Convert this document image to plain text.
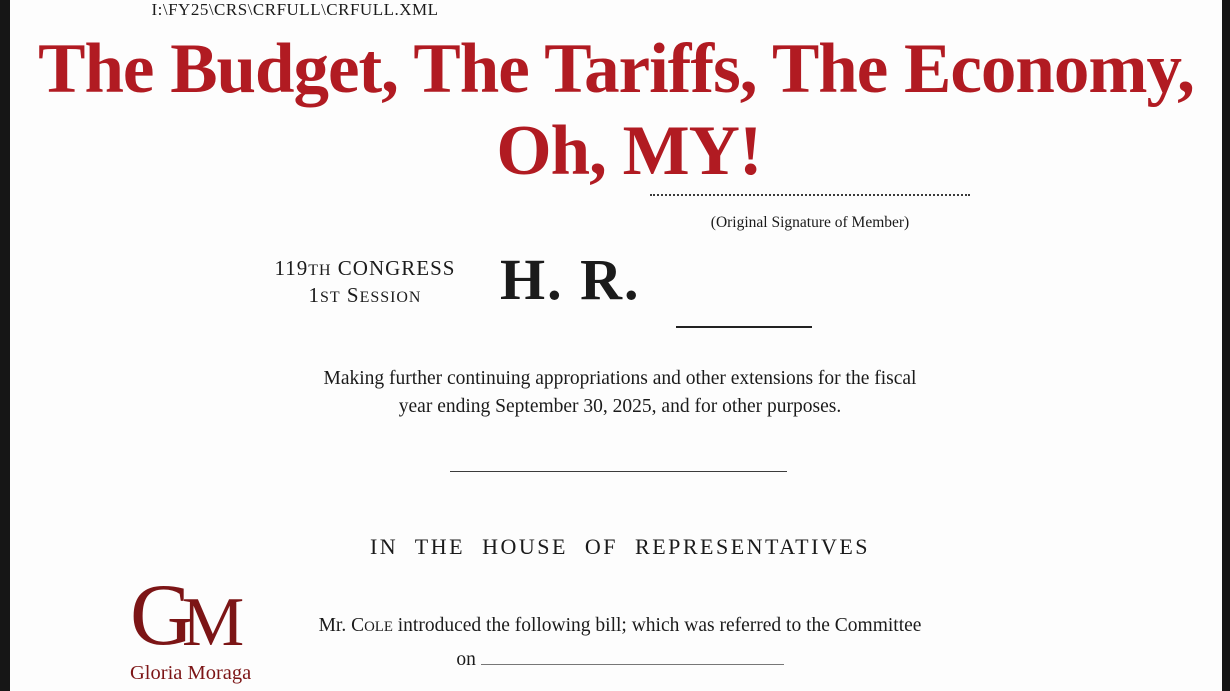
I:\FY25\CRS\CRFULL\CRFULL.XML
The Budget, The Tariffs, The Economy,
Oh, MY!
(Original Signature of Member)
119TH CONGRESS
1ST SESSION	H. R.
Making further continuing appropriations and other extensions for the fiscal
year ending September 30, 2025, and for other purposes.
IN THE HOUSE OF REPRESENTATIVES
Mr. COLE introduced the following bill; which was referred to the Committee
on
G
M
Gloria Moraga
